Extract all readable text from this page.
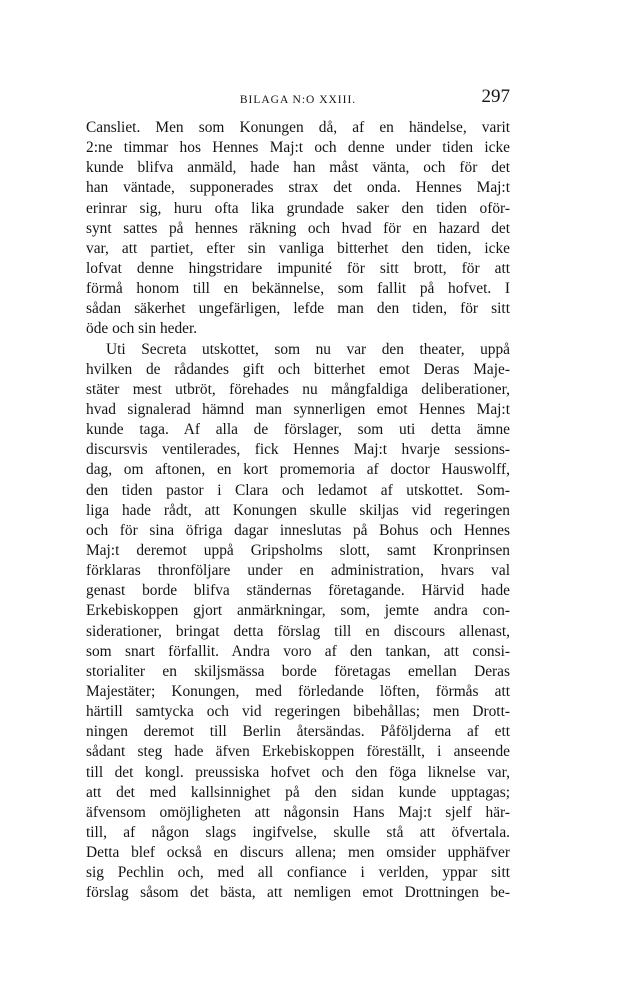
BILAGA N:O XXIII.	297
Cansliet. Men som Konungen då, af en händelse, varit
2:ne timmar hos Hennes Maj:t och denne under tiden icke
kunde blifva anmäld, hade han måst vänta, och för det
han väntade, supponerades strax det onda. Hennes Maj:t
erinrar sig, huru ofta lika grundade saker den tiden oför-
synt sattes på hennes räkning och hvad för en hazard det
var, att partiet, efter sin vanliga bitterhet den tiden, icke
lofvat denne hingstridare impunité för sitt brott, för att
förmå honom till en bekännelse, som fallit på hofvet. I
sådan säkerhet ungefärligen, lefde man den tiden, för sitt
öde och sin heder.
Uti Secreta utskottet, som nu var den theater, uppå
hvilken de rådandes gift och bitterhet emot Deras Maje-
stäter mest utbröt, förehades nu mångfaldiga deliberationer,
hvad signalerad hämnd man synnerligen emot Hennes Maj:t
kunde taga. Af alla de förslager, som uti detta ämne
discursvis ventilerades, fick Hennes Maj:t hvarje sessions-
dag, om aftonen, en kort promemoria af doctor Hauswolff,
den tiden pastor i Clara och ledamot af utskottet. Som-
liga hade rådt, att Konungen skulle skiljas vid regeringen
och för sina öfriga dagar inneslutas på Bohus och Hennes
Maj:t deremot uppå Gripsholms slott, samt Kronprinsen
förklaras thronföljare under en administration, hvars val
genast borde blifva ständernas företagande. Härvid hade
Erkebiskoppen gjort anmärkningar, som, jemte andra con-
siderationer, bringat detta förslag till en discours allenast,
som snart förfallit. Andra voro af den tankan, att consi-
storialiter en skiljsmässa borde företagas emellan Deras
Majestäter; Konungen, med förledande löften, förmås att
härtill samtycka och vid regeringen bibehållas; men Drott-
ningen deremot till Berlin återsändas. Påföljderna af ett
sådant steg hade äfven Erkebiskoppen föreställt, i anseende
till det kongl. preussiska hofvet och den föga liknelse var,
att det med kallsinnighet på den sidan kunde upptagas;
äfvensom omöjligheten att någonsin Hans Maj:t sjelf här-
till, af någon slags ingifvelse, skulle stå att öfvertala.
Detta blef också en discurs allena; men omsider upphäfver
sig Pechlin och, med all confiance i verlden, yppar sitt
förslag såsom det bästa, att nemligen emot Drottningen be-
